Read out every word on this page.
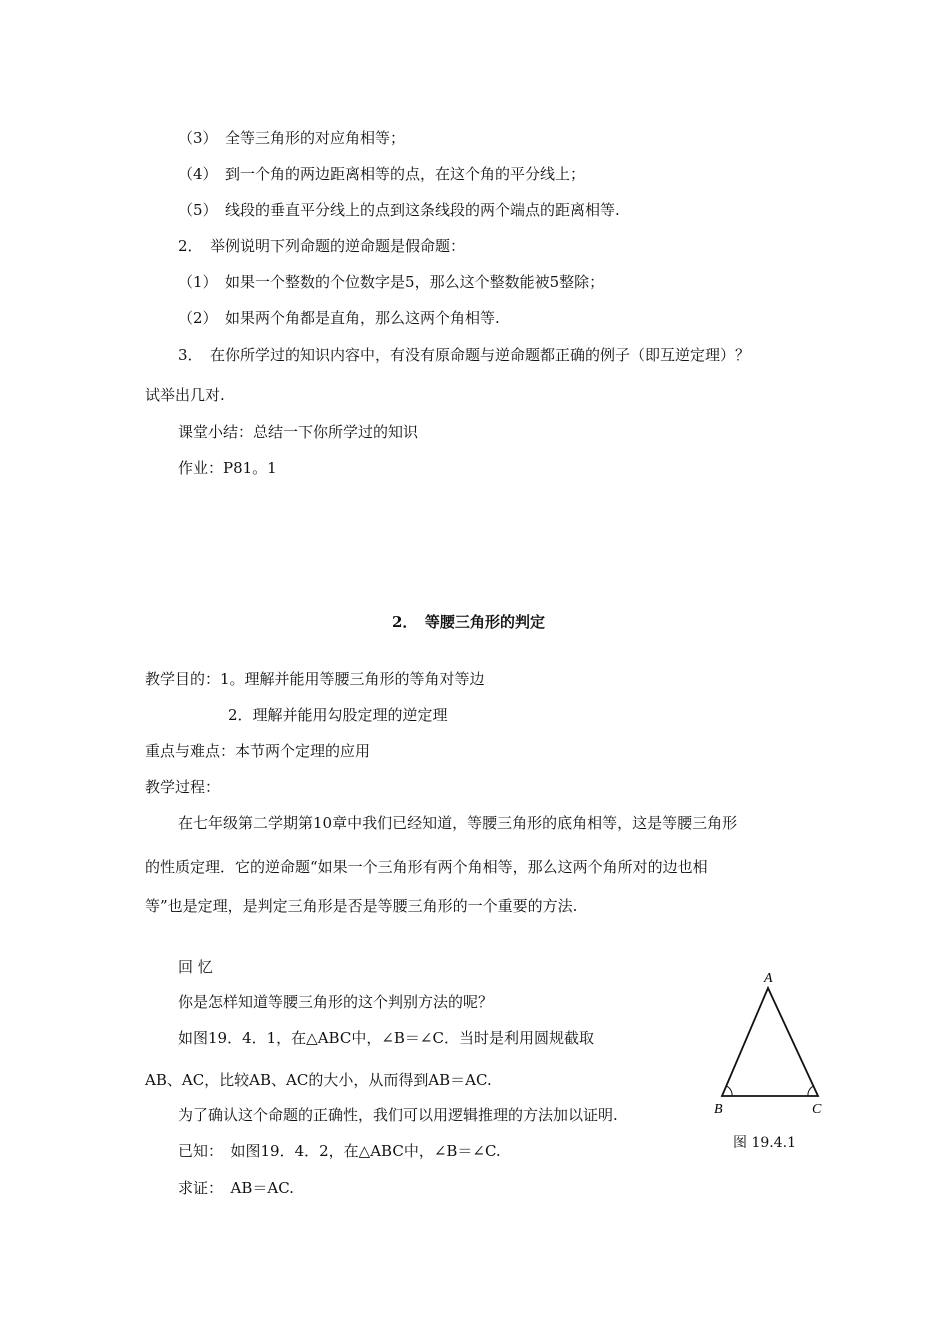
（3）　全等三角形的对应角相等；
（4）　到一个角的两边距离相等的点，在这个角的平分线上；
（5）　线段的垂直平分线上的点到这条线段的两个端点的距离相等.
2．　举例说明下列命题的逆命题是假命题：
（1）　如果一个整数的个位数字是5，那么这个整数能被5整除；
（2）　如果两个角都是直角，那么这两个角相等.
3．　在你所学过的知识内容中，有没有原命题与逆命题都正确的例子（即互逆定理）？
试举出几对.
课堂小结：总结一下你所学过的知识
作业：P81。1
2．　等腰三角形的判定
教学目的：1。理解并能用等腰三角形的等角对等边
2．理解并能用勾股定理的逆定理
重点与难点：本节两个定理的应用
教学过程：
在七年级第二学期第10章中我们已经知道，等腰三角形的底角相等，这是等腰三角形
的性质定理．它的逆命题“如果一个三角形有两个角相等，那么这两个角所对的边也相
等”也是定理，是判定三角形是否是等腰三角形的一个重要的方法.
回 忆
你是怎样知道等腰三角形的这个判别方法的呢？
如图19．4．1，在△ABC中，∠B＝∠C．当时是利用圆规截取
AB、AC，比较AB、AC的大小，从而得到AB＝AC.
为了确认这个命题的正确性，我们可以用逻辑推理的方法加以证明.
已知：　如图19．4．2，在△ABC中，∠B＝∠C.
求证：　AB＝AC.
A
B	C
图 19.4.1
